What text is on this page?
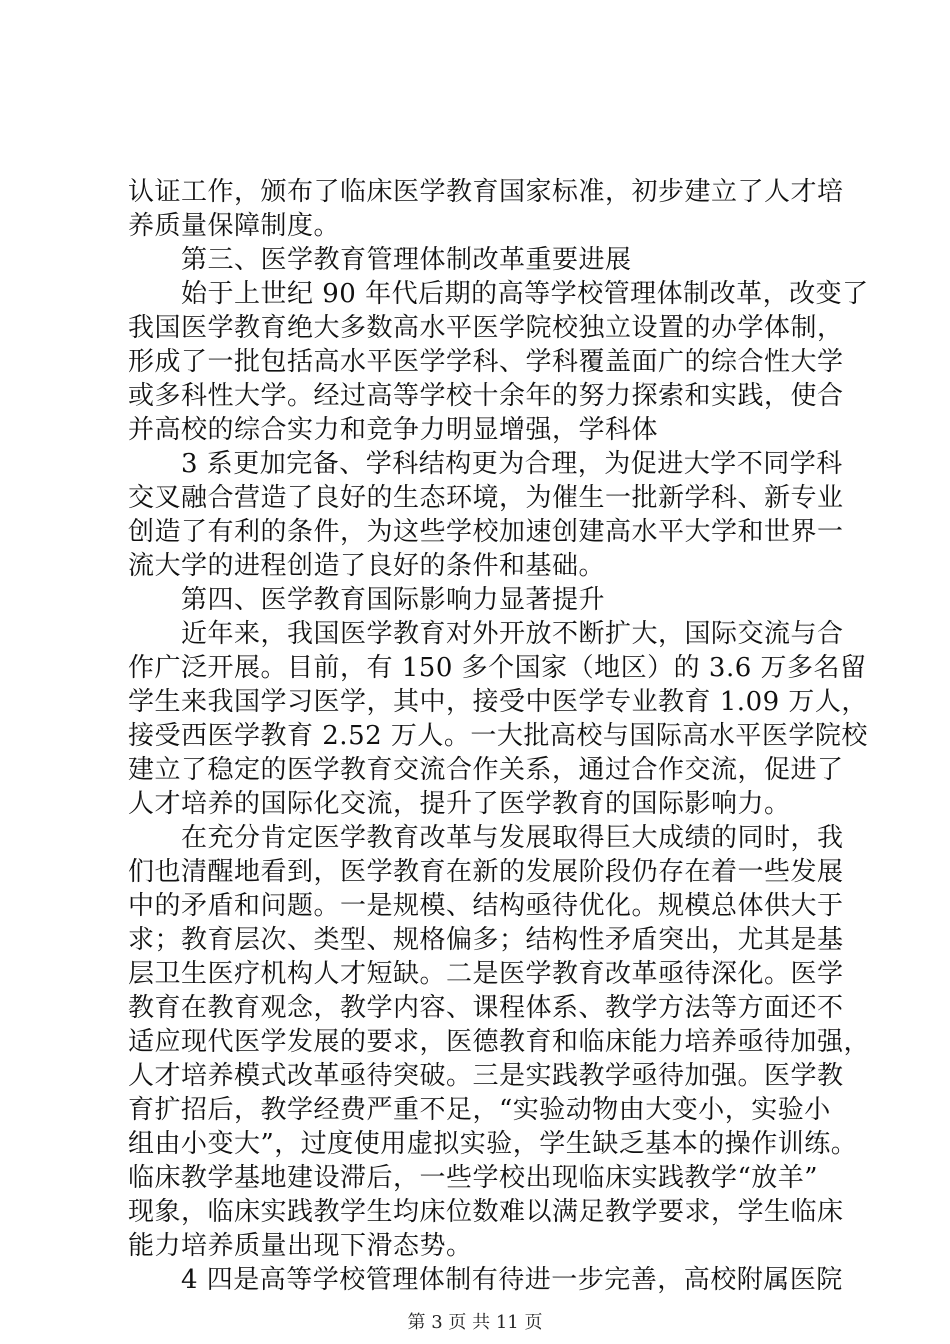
认证工作，颁布了临床医学教育国家标准，初步建立了人才培
养质量保障制度。
　　第三、医学教育管理体制改革重要进展
　　始于上世纪 90 年代后期的高等学校管理体制改革，改变了
我国医学教育绝大多数高水平医学院校独立设置的办学体制，
形成了一批包括高水平医学学科、学科覆盖面广的综合性大学
或多科性大学。经过高等学校十余年的努力探索和实践，使合
并高校的综合实力和竞争力明显增强，学科体
　　3 系更加完备、学科结构更为合理，为促进大学不同学科
交叉融合营造了良好的生态环境，为催生一批新学科、新专业
创造了有利的条件，为这些学校加速创建高水平大学和世界一
流大学的进程创造了良好的条件和基础。
　　第四、医学教育国际影响力显著提升
　　近年来，我国医学教育对外开放不断扩大，国际交流与合
作广泛开展。目前，有 150 多个国家（地区）的 3.6 万多名留
学生来我国学习医学，其中，接受中医学专业教育 1.09 万人，
接受西医学教育 2.52 万人。一大批高校与国际高水平医学院校
建立了稳定的医学教育交流合作关系，通过合作交流，促进了
人才培养的国际化交流，提升了医学教育的国际影响力。
　　在充分肯定医学教育改革与发展取得巨大成绩的同时，我
们也清醒地看到，医学教育在新的发展阶段仍存在着一些发展
中的矛盾和问题。一是规模、结构亟待优化。规模总体供大于
求；教育层次、类型、规格偏多；结构性矛盾突出，尤其是基
层卫生医疗机构人才短缺。二是医学教育改革亟待深化。医学
教育在教育观念，教学内容、课程体系、教学方法等方面还不
适应现代医学发展的要求，医德教育和临床能力培养亟待加强，
人才培养模式改革亟待突破。三是实践教学亟待加强。医学教
育扩招后，教学经费严重不足，“实验动物由大变小，实验小
组由小变大”，过度使用虚拟实验，学生缺乏基本的操作训练。
临床教学基地建设滞后，一些学校出现临床实践教学“放羊”
现象，临床实践教学生均床位数难以满足教学要求，学生临床
能力培养质量出现下滑态势。
　　4 四是高等学校管理体制有待进一步完善，高校附属医院
第 3 页 共 11 页
